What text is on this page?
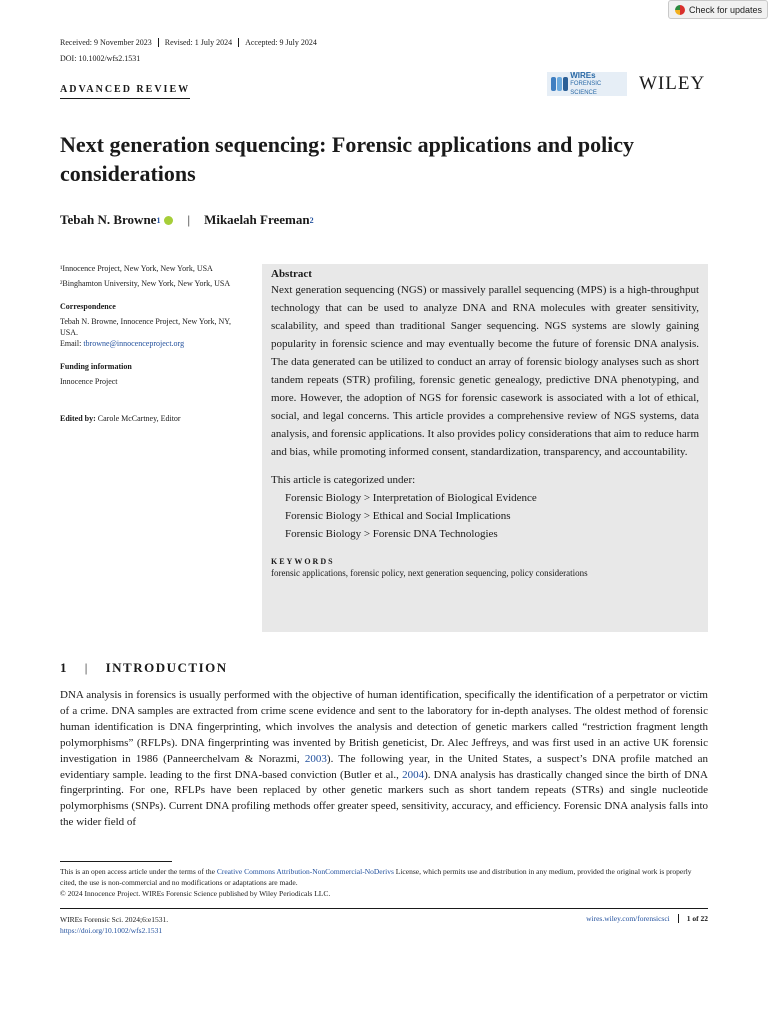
Check for updates
Received: 9 November 2023	Revised: 1 July 2024	Accepted: 9 July 2024
DOI: 10.1002/wfs2.1531
ADVANCED REVIEW
WIREs
FORENSIC SCIENCE	WILEY
Next generation sequencing: Forensic applications and policy considerations
Tebah N. Browne 1 | Mikaelah Freeman 2

¹Innocence Project, New York, New York, USA

²Binghamton University, New York, New York, USA

Correspondence

Tebah N. Browne, Innocence Project, New York, NY, USA.
Email: tbrowne@innocenceproject.org

Funding information

Innocence Project

Edited by: Carole McCartney, Editor

Abstract

Next generation sequencing (NGS) or massively parallel sequencing (MPS) is a high-throughput technology that can be used to analyze DNA and RNA molecules with greater sensitivity, scalability, and speed than traditional Sanger sequencing. NGS systems are slowly gaining popularity in forensic science and may eventually become the future of forensic DNA analysis. The data generated can be utilized to conduct an array of forensic biology analyses such as short tandem repeats (STR) profiling, forensic genetic genealogy, predictive DNA phenotyping, and more. However, the adoption of NGS for forensic casework is associated with a lot of ethical, social, and legal concerns. This article provides a comprehensive review of NGS systems, data analysis, and forensic applications. It also provides policy considerations that aim to reduce harm and bias, while promoting informed consent, standardization, transparency, and accountability.

This article is categorized under:
Forensic Biology > Interpretation of Biological Evidence
Forensic Biology > Ethical and Social Implications
Forensic Biology > Forensic DNA Technologies
KEYWORDS
forensic applications, forensic policy, next generation sequencing, policy considerations
1 | INTRODUCTION

DNA analysis in forensics is usually performed with the objective of human identification, specifically the identification of a perpetrator or victim of a crime. DNA samples are extracted from crime scene evidence and sent to the laboratory for in-depth analyses. The oldest method of forensic human identification is DNA fingerprinting, which involves the analysis and detection of genetic markers called “restriction fragment length polymorphisms” (RFLPs). DNA fingerprinting was invented by British geneticist, Dr. Alec Jeffreys, and was first used in an active UK forensic investigation in 1986 (Panneerchelvam & Norazmi, 2003). The following year, in the United States, a suspect’s DNA profile matched an evidentiary sample. leading to the first DNA-based conviction (Butler et al., 2004). DNA analysis has drastically changed since the birth of DNA fingerprinting. For one, RFLPs have been replaced by other genetic markers such as short tandem repeats (STRs) and single nucleotide polymorphisms (SNPs). Current DNA profiling methods offer greater speed, sensitivity, accuracy, and efficiency. Forensic DNA analysis falls into the wider field of

This is an open access article under the terms of the Creative Commons Attribution-NonCommercial-NoDerivs License, which permits use and distribution in any medium, provided the original work is properly cited, the use is non-commercial and no modifications or adaptations are made.
© 2024 Innocence Project. WIREs Forensic Science published by Wiley Periodicals LLC.
WIREs Forensic Sci. 2024;6:e1531.
https://doi.org/10.1002/wfs2.1531
wires.wiley.com/forensicsci	1 of 22
